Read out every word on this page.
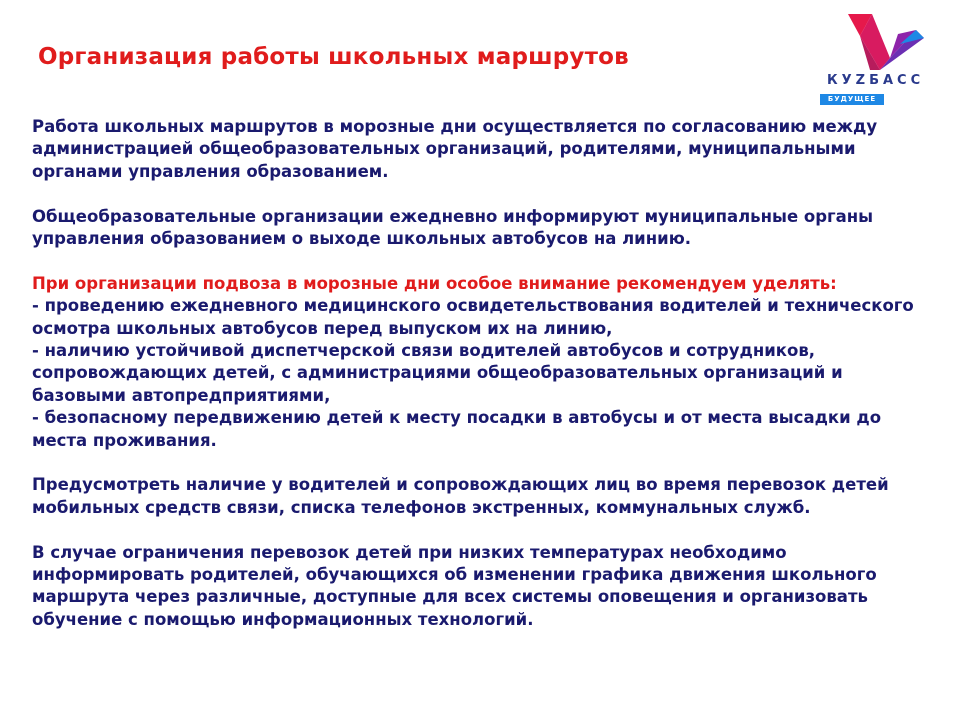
Организация работы школьных маршрутов
КУZБАСС
БУДУЩЕЕ

Работа школьных маршрутов в морозные дни осуществляется по согласованию между администрацией общеобразовательных организаций, родителями, муниципальными органами управления образованием.

Общеобразовательные организации ежедневно информируют муниципальные органы управления образованием о выходе школьных автобусов на линию.

При организации подвоза в морозные дни особое внимание рекомендуем уделять:
- проведению ежедневного медицинского освидетельствования водителей и технического осмотра школьных автобусов перед выпуском их на линию,
- наличию устойчивой диспетчерской связи водителей автобусов и сотрудников, сопровождающих детей, с администрациями общеобразовательных организаций и базовыми автопредприятиями,
- безопасному передвижению детей к месту посадки в автобусы и от места высадки до места проживания.

Предусмотреть наличие у водителей и сопровождающих лиц во время перевозок детей мобильных средств связи, списка телефонов экстренных, коммунальных служб.

В случае ограничения перевозок детей при низких температурах необходимо информировать родителей, обучающихся об изменении графика движения школьного маршрута через различные, доступные для всех системы оповещения и организовать обучение с помощью информационных технологий.
